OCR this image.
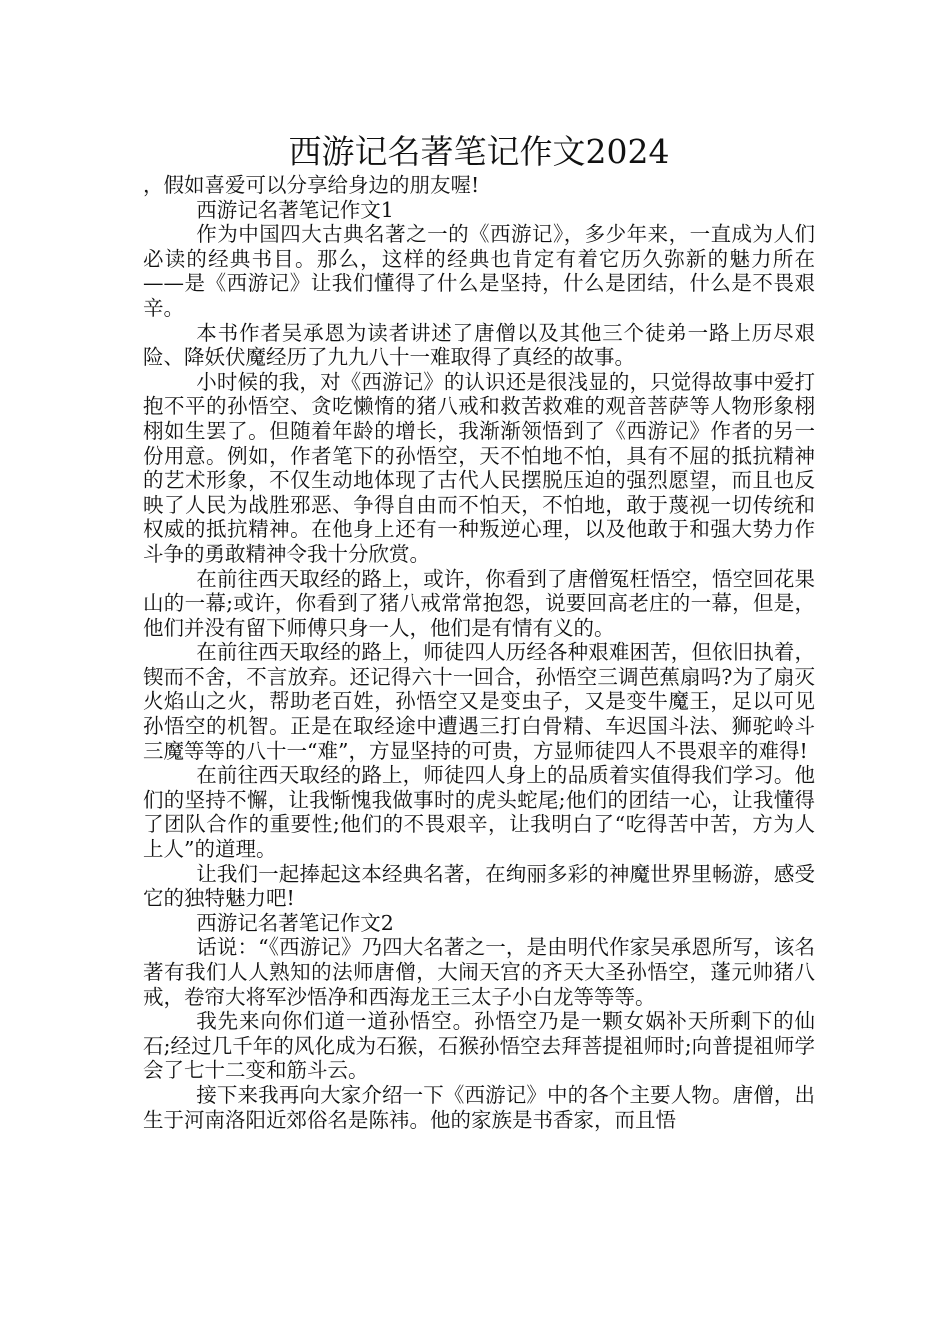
西游记名著笔记作文2024

，假如喜爱可以分享给身边的朋友喔!

西游记名著笔记作文1

作为中国四大古典名著之一的《西游记》，多少年来，一直成为人们必读的经典书目。那么，这样的经典也肯定有着它历久弥新的魅力所在——是《西游记》让我们懂得了什么是坚持，什么是团结，什么是不畏艰辛。

本书作者吴承恩为读者讲述了唐僧以及其他三个徒弟一路上历尽艰险、降妖伏魔经历了九九八十一难取得了真经的故事。

小时候的我，对《西游记》的认识还是很浅显的，只觉得故事中爱打抱不平的孙悟空、贪吃懒惰的猪八戒和救苦救难的观音菩萨等人物形象栩栩如生罢了。但随着年龄的增长，我渐渐领悟到了《西游记》作者的另一份用意。例如，作者笔下的孙悟空，天不怕地不怕，具有不屈的抵抗精神的艺术形象，不仅生动地体现了古代人民摆脱压迫的强烈愿望，而且也反映了人民为战胜邪恶、争得自由而不怕天，不怕地，敢于蔑视一切传统和权威的抵抗精神。在他身上还有一种叛逆心理，以及他敢于和强大势力作斗争的勇敢精神令我十分欣赏。

在前往西天取经的路上，或许，你看到了唐僧冤枉悟空，悟空回花果山的一幕;或许，你看到了猪八戒常常抱怨，说要回高老庄的一幕，但是，他们并没有留下师傅只身一人，他们是有情有义的。

在前往西天取经的路上，师徒四人历经各种艰难困苦，但依旧执着，锲而不舍，不言放弃。还记得六十一回合，孙悟空三调芭蕉扇吗?为了扇灭火焰山之火，帮助老百姓，孙悟空又是变虫子，又是变牛魔王，足以可见孙悟空的机智。正是在取经途中遭遇三打白骨精、车迟国斗法、狮驼岭斗三魔等等的八十一“难”，方显坚持的可贵，方显师徒四人不畏艰辛的难得!

在前往西天取经的路上，师徒四人身上的品质着实值得我们学习。他们的坚持不懈，让我惭愧我做事时的虎头蛇尾;他们的团结一心，让我懂得了团队合作的重要性;他们的不畏艰辛，让我明白了“吃得苦中苦，方为人上人”的道理。

让我们一起捧起这本经典名著，在绚丽多彩的神魔世界里畅游，感受它的独特魅力吧!

西游记名著笔记作文2

话说：“《西游记》乃四大名著之一，是由明代作家吴承恩所写，该名著有我们人人熟知的法师唐僧，大闹天宫的齐天大圣孙悟空，蓬元帅猪八戒，卷帘大将军沙悟净和西海龙王三太子小白龙等等等。

我先来向你们道一道孙悟空。孙悟空乃是一颗女娲补天所剩下的仙石;经过几千年的风化成为石猴，石猴孙悟空去拜菩提祖师时;向普提祖师学会了七十二变和筋斗云。

接下来我再向大家介绍一下《西游记》中的各个主要人物。唐僧，出生于河南洛阳近郊俗名是陈祎。他的家族是书香家，而且悟
